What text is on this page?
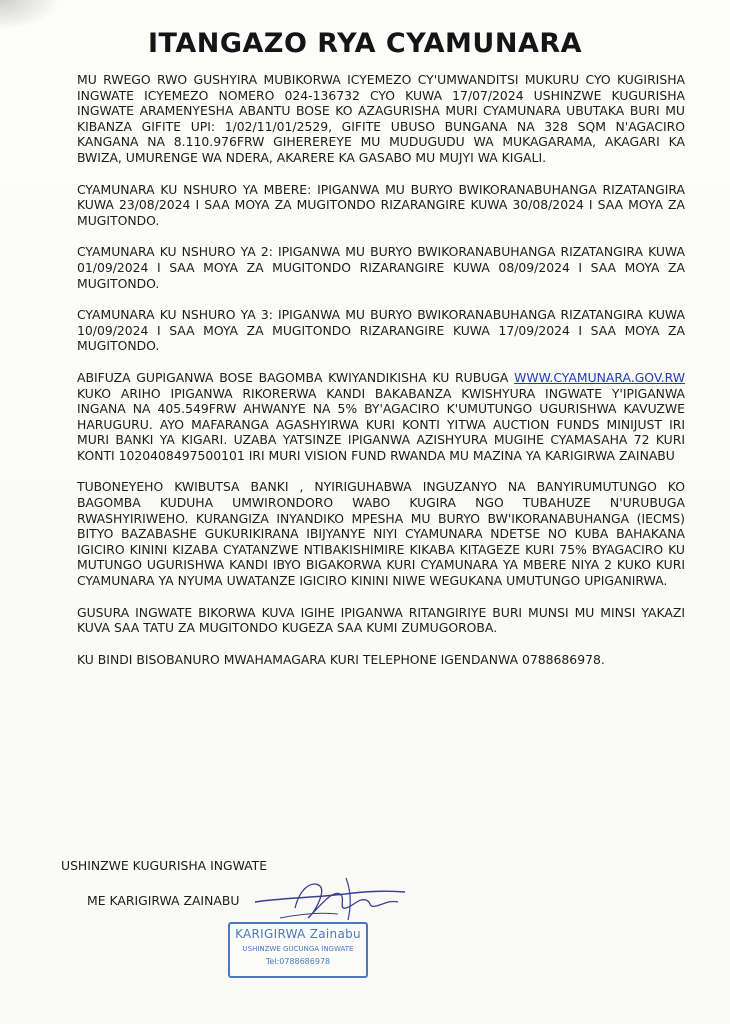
ITANGAZO RYA CYAMUNARA

MU RWEGO RWO GUSHYIRA MUBIKORWA ICYEMEZO CY'UMWANDITSI MUKURU CYO KUGIRISHA INGWATE ICYEMEZO NOMERO 024-136732 CYO KUWA 17/07/2024 USHINZWE KUGURISHA INGWATE ARAMENYESHA ABANTU BOSE KO AZAGURISHA MURI CYAMUNARA UBUTAKA BURI MU KIBANZA GIFITE UPI: 1/02/11/01/2529, GIFITE UBUSO BUNGANA NA 328 SQM N'AGACIRO KANGANA NA 8.110.976FRW GIHEREREYE MU MUDUGUDU WA MUKAGARAMA, AKAGARI KA BWIZA, UMURENGE WA NDERA, AKARERE KA GASABO MU MUJYI WA KIGALI.

CYAMUNARA KU NSHURO YA MBERE: IPIGANWA MU BURYO BWIKORANABUHANGA RIZATANGIRA KUWA 23/08/2024 I SAA MOYA ZA MUGITONDO RIZARANGIRE KUWA 30/08/2024 I SAA MOYA ZA MUGITONDO.

CYAMUNARA KU NSHURO YA 2: IPIGANWA MU BURYO BWIKORANABUHANGA RIZATANGIRA KUWA 01/09/2024 I SAA MOYA ZA MUGITONDO RIZARANGIRE KUWA 08/09/2024 I SAA MOYA ZA MUGITONDO.

CYAMUNARA KU NSHURO YA 3: IPIGANWA MU BURYO BWIKORANABUHANGA RIZATANGIRA KUWA 10/09/2024 I SAA MOYA ZA MUGITONDO RIZARANGIRE KUWA 17/09/2024 I SAA MOYA ZA MUGITONDO.

ABIFUZA GUPIGANWA BOSE BAGOMBA KWIYANDIKISHA KU RUBUGA WWW.CYAMUNARA.GOV.RW KUKO ARIHO IPIGANWA RIKORERWA KANDI BAKABANZA KWISHYURA INGWATE Y'IPIGANWA INGANA NA 405.549FRW AHWANYE NA 5% BY'AGACIRO K'UMUTUNGO UGURISHWA KAVUZWE HARUGURU. AYO MAFARANGA AGASHYIRWA KURI KONTI YITWA AUCTION FUNDS MINIJUST IRI MURI BANKI YA KIGARI. UZABA YATSINZE IPIGANWA AZISHYURA MUGIHE CYAMASAHA 72 KURI KONTI 1020408497500101 IRI MURI VISION FUND RWANDA MU MAZINA YA KARIGIRWA ZAINABU

TUBONEYEHO KWIBUTSA BANKI , NYIRIGUHABWA INGUZANYO NA BANYIRUMUTUNGO KO BAGOMBA KUDUHA UMWIRONDORO WABO KUGIRA NGO TUBAHUZE N'URUBUGA RWASHYIRIWEHO. KURANGIZA INYANDIKO MPESHA MU BURYO BW'IKORANABUHANGA (IECMS) BITYO BAZABASHE GUKURIKIRANA IBIJYANYE NIYI CYAMUNARA NDETSE NO KUBA BAHAKANA IGICIRO KININI KIZABA CYATANZWE NTIBAKISHIMIRE KIKABA KITAGEZE KURI 75% BYAGACIRO KU MUTUNGO UGURISHWA KANDI IBYO BIGAKORWA KURI CYAMUNARA YA MBERE NIYA 2 KUKO KURI CYAMUNARA YA NYUMA UWATANZE IGICIRO KININI NIWE WEGUKANA UMUTUNGO UPIGANIRWA.

GUSURA INGWATE BIKORWA KUVA IGIHE IPIGANWA RITANGIRIYE BURI MUNSI MU MINSI YAKAZI KUVA SAA TATU ZA MUGITONDO KUGEZA SAA KUMI ZUMUGOROBA.

KU BINDI BISOBANURO MWAHAMAGARA KURI TELEPHONE IGENDANWA 0788686978.

USHINZWE KUGURISHA INGWATE
ME KARIGIRWA ZAINABU
KARIGIRWA Zainabu
USHINZWE GUCUNGA INGWATE
Tel:0788686978
